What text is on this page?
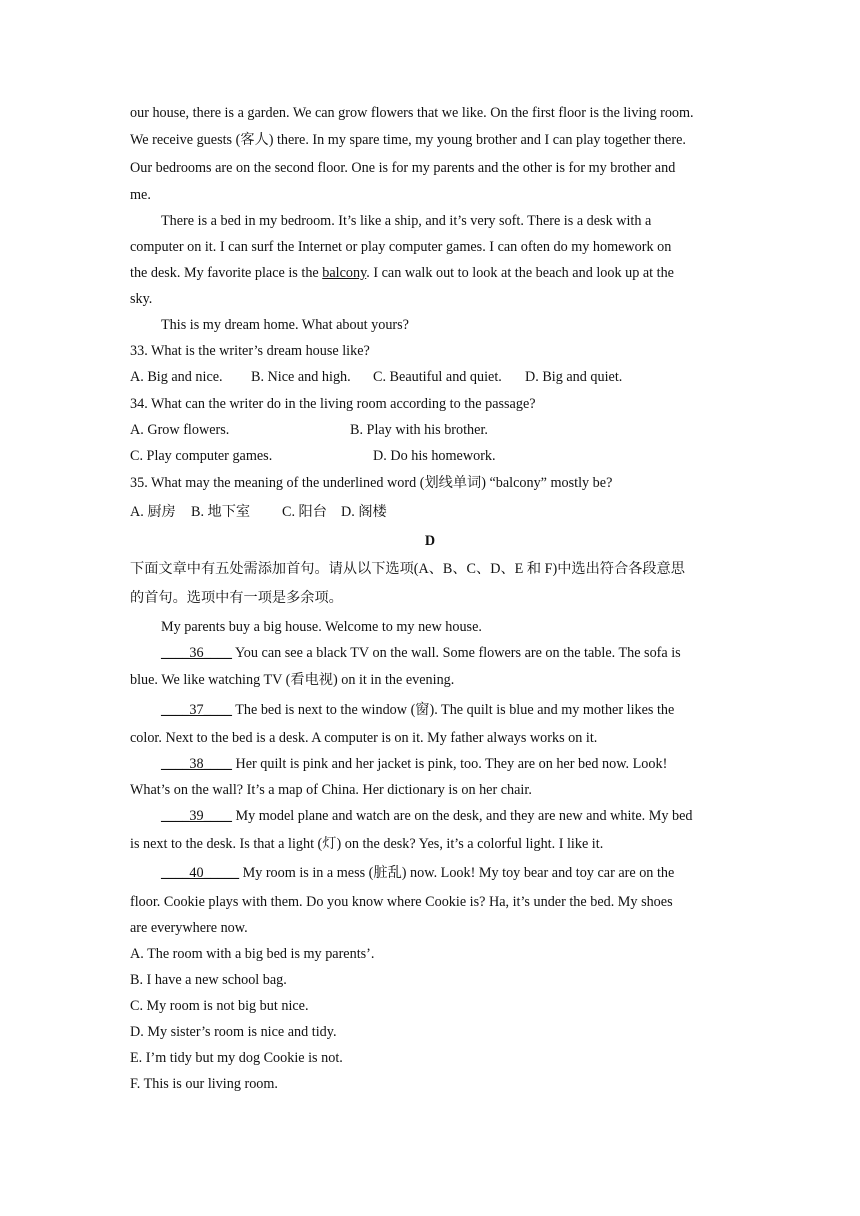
our house, there is a garden. We can grow flowers that we like. On the first floor is the living room.
We receive guests (客人) there. In my spare time, my young brother and I can play together there.
Our bedrooms are on the second floor. One is for my parents and the other is for my brother and
me.
There is a bed in my bedroom. It’s like a ship, and it’s very soft. There is a desk with a
computer on it. I can surf the Internet or play computer games. I can often do my homework on
the desk. My favorite place is the balcony. I can walk out to look at the beach and look up at the
sky.
This is my dream home. What about yours?
33. What is the writer’s dream house like?
A. Big and nice. B. Nice and high. C. Beautiful and quiet. D. Big and quiet.
34. What can the writer do in the living room according to the passage?
A. Grow flowers.	B. Play with his brother.
C. Play computer games.	D. Do his homework.
35. What may the meaning of the underlined word (划线单词) “balcony” mostly be?
A. 厨房 B. 地下室 C. 阳台 D. 阁楼
D
下面文章中有五处需添加首句。请从以下选项(A、B、C、D、E 和 F)中选出符合各段意思
的首句。选项中有一项是多余项。
My parents buy a big house. Welcome to my new house.
____36____ You can see a black TV on the wall. Some flowers are on the table. The sofa is
blue. We like watching TV (看电视) on it in the evening.
____37____ The bed is next to the window (窗). The quilt is blue and my mother likes the
color. Next to the bed is a desk. A computer is on it. My father always works on it.
____38____ Her quilt is pink and her jacket is pink, too. They are on her bed now. Look!
What’s on the wall? It’s a map of China. Her dictionary is on her chair.
____39____ My model plane and watch are on the desk, and they are new and white. My bed
is next to the desk. Is that a light (灯) on the desk? Yes, it’s a colorful light. I like it.
____40_____ My room is in a mess (脏乱) now. Look! My toy bear and toy car are on the
floor. Cookie plays with them. Do you know where Cookie is? Ha, it’s under the bed. My shoes
are everywhere now.
A. The room with a big bed is my parents’.
B. I have a new school bag.
C. My room is not big but nice.
D. My sister’s room is nice and tidy.
E. I’m tidy but my dog Cookie is not.
F. This is our living room.
